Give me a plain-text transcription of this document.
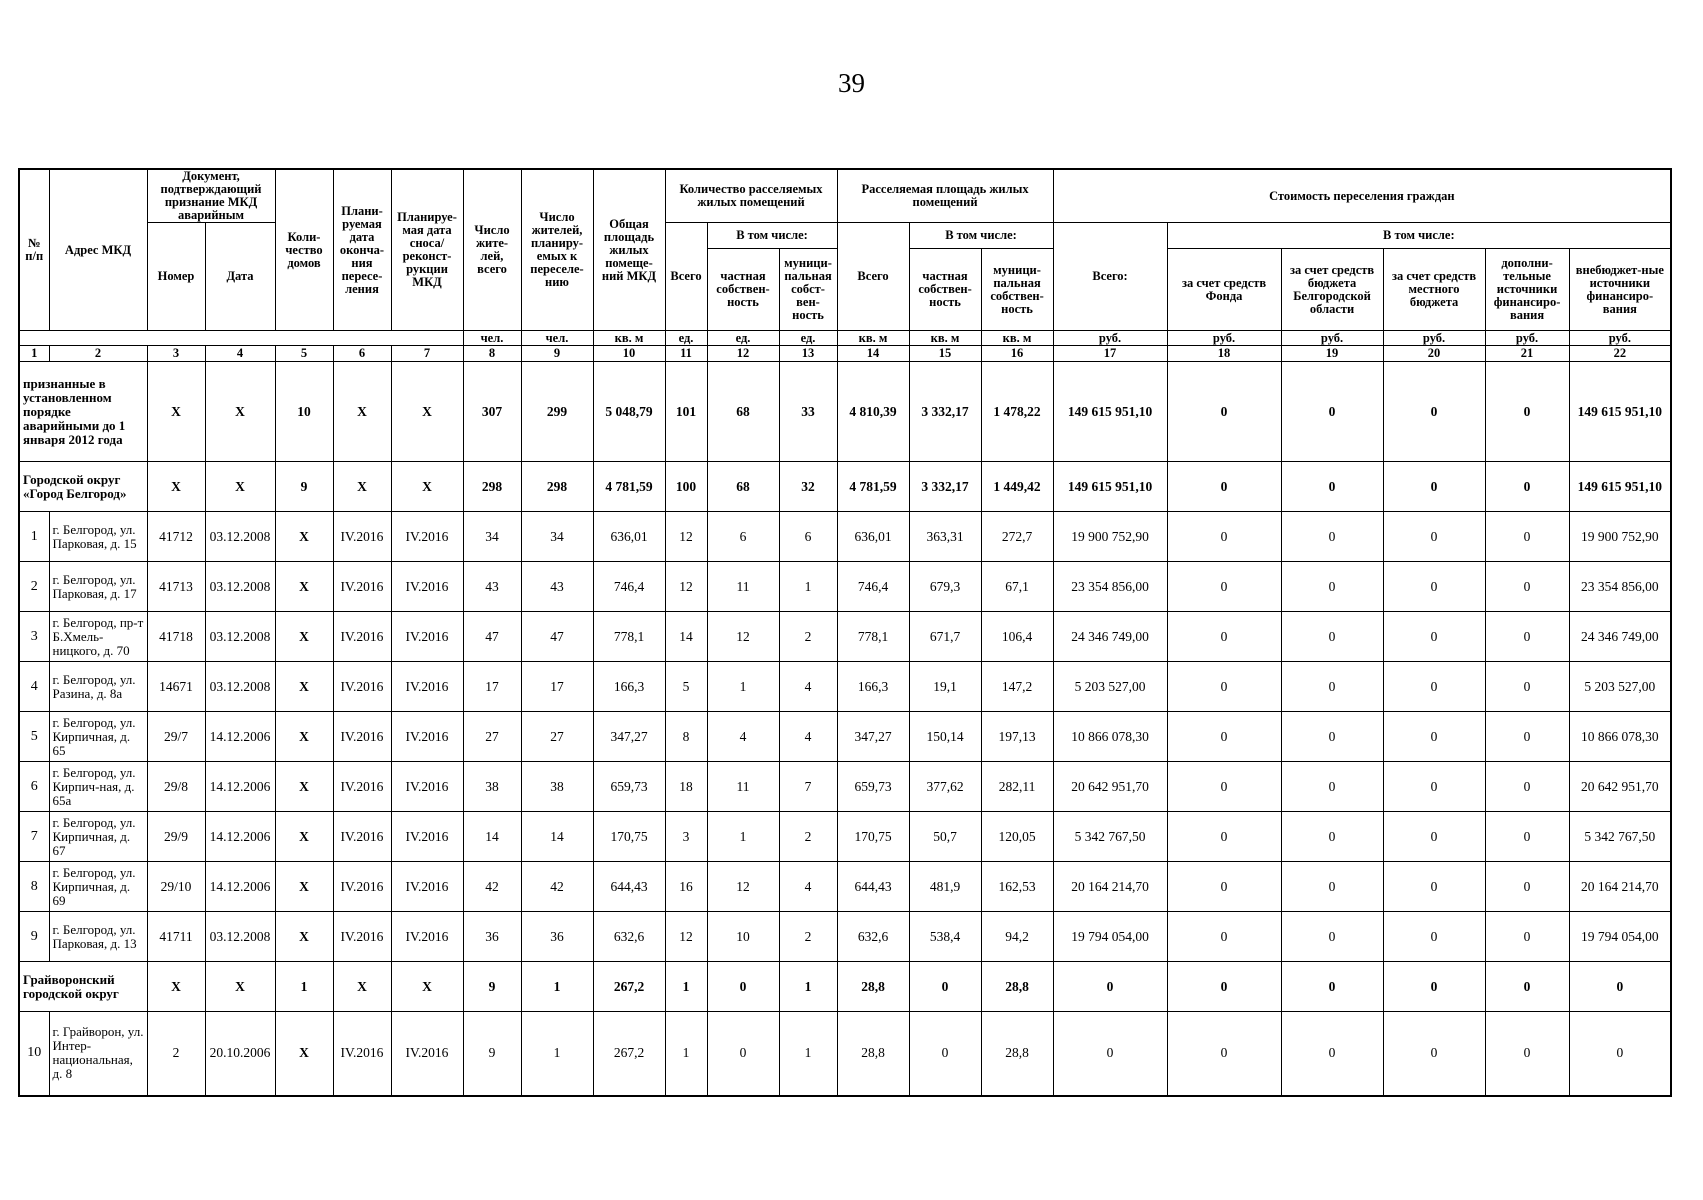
39
№ п/п	Адрес МКД	Документ, подтверждающий признание МКД аварийным		Коли-чество домов	Плани-руемая дата оконча-ния пересе-ления	Планируе-мая дата сноса/ реконст-рукции МКД	Число жите-лей, всего	Число жителей, планиру-емых к переселе-нию	Общая площадь жилых помеще-ний МКД	Количество расселяемых жилых помещений			Расселяемая площадь жилых помещений			Стоимость переселения граждан					
		Номер	Дата							Всего	В том числе:		Всего	В том числе:		Всего:	В том числе:				
											частная собствен-ность	муници-пальная собст-вен-ность		частная собствен-ность	муници-пальная собствен-ность		за счет средств Фонда	за счет средств бюджета Белгородской области	за счет средств местного бюджета	дополни-тельные источники финансиро-вания	внебюджет-ные источники финансиро-вания
							чел.	чел.	кв. м	ед.	ед.	ед.	кв. м	кв. м	кв. м	руб.	руб.	руб.	руб.	руб.	руб.
1	2	3	4	5	6	7	8	9	10	11	12	13	14	15	16	17	18	19	20	21	22
признанные в установленном порядке аварийными до 1 января 2012 года		X	X	10	X	X	307	299	5 048,79	101	68	33	4 810,39	3 332,17	1 478,22	149 615 951,10	0	0	0	0	149 615 951,10
Городской округ «Город Белгород»		X	X	9	X	X	298	298	4 781,59	100	68	32	4 781,59	3 332,17	1 449,42	149 615 951,10	0	0	0	0	149 615 951,10
1	г. Белгород, ул. Парковая, д. 15	41712	03.12.2008	X	IV.2016	IV.2016	34	34	636,01	12	6	6	636,01	363,31	272,7	19 900 752,90	0	0	0	0	19 900 752,90
2	г. Белгород, ул. Парковая, д. 17	41713	03.12.2008	X	IV.2016	IV.2016	43	43	746,4	12	11	1	746,4	679,3	67,1	23 354 856,00	0	0	0	0	23 354 856,00
3	г. Белгород, пр-т Б.Хмель-ницкого, д. 70	41718	03.12.2008	X	IV.2016	IV.2016	47	47	778,1	14	12	2	778,1	671,7	106,4	24 346 749,00	0	0	0	0	24 346 749,00
4	г. Белгород, ул. Разина, д. 8а	14671	03.12.2008	X	IV.2016	IV.2016	17	17	166,3	5	1	4	166,3	19,1	147,2	5 203 527,00	0	0	0	0	5 203 527,00
5	г. Белгород, ул. Кирпичная, д. 65	29/7	14.12.2006	X	IV.2016	IV.2016	27	27	347,27	8	4	4	347,27	150,14	197,13	10 866 078,30	0	0	0	0	10 866 078,30
6	г. Белгород, ул. Кирпич-ная, д. 65а	29/8	14.12.2006	X	IV.2016	IV.2016	38	38	659,73	18	11	7	659,73	377,62	282,11	20 642 951,70	0	0	0	0	20 642 951,70
7	г. Белгород, ул. Кирпичная, д. 67	29/9	14.12.2006	X	IV.2016	IV.2016	14	14	170,75	3	1	2	170,75	50,7	120,05	5 342 767,50	0	0	0	0	5 342 767,50
8	г. Белгород, ул. Кирпичная, д. 69	29/10	14.12.2006	X	IV.2016	IV.2016	42	42	644,43	16	12	4	644,43	481,9	162,53	20 164 214,70	0	0	0	0	20 164 214,70
9	г. Белгород, ул. Парковая, д. 13	41711	03.12.2008	X	IV.2016	IV.2016	36	36	632,6	12	10	2	632,6	538,4	94,2	19 794 054,00	0	0	0	0	19 794 054,00
Грайворонский городской округ		X	X	1	X	X	9	1	267,2	1	0	1	28,8	0	28,8	0	0	0	0	0	0
10	г. Грайворон, ул. Интер-национальная, д. 8	2	20.10.2006	X	IV.2016	IV.2016	9	1	267,2	1	0	1	28,8	0	28,8	0	0	0	0	0	0
